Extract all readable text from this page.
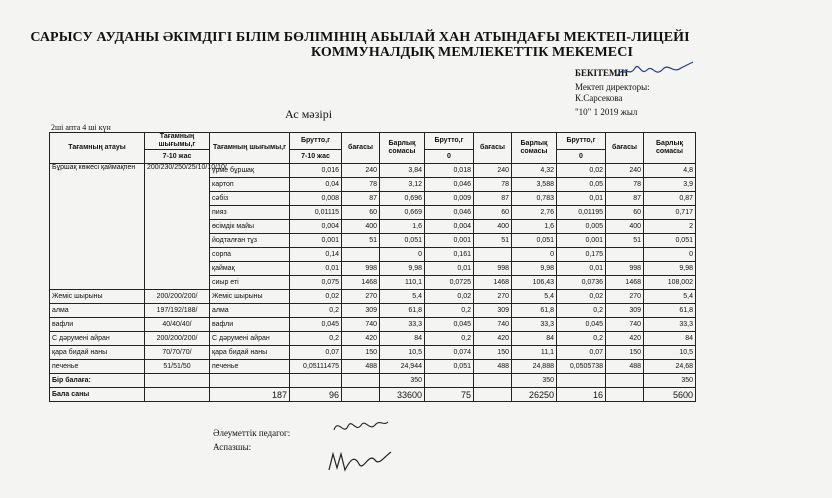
САРЫСУ АУДАНЫ ӘКІМДІГІ БІЛІМ БӨЛІМІНІҢ АБЫЛАЙ ХАН АТЫНДАҒЫ МЕКТЕП-ЛИЦЕЙІ
КОММУНАЛДЫҚ МЕМЛЕКЕТТІК МЕКЕМЕСІ
БЕКІТЕМІН
Мектеп директоры:
К.Сарсекова
"10" 1 2019 жыл
Ас мәзірі
2ші апта 4 ші күн
Тағамның атауы	Тағамның шығымы,г	Тағамның шығымы,г	Брутто,г	бағасы	Барлық сомасы	Брутто,г	бағасы	Барлық сомасы	Брутто,г	бағасы	Барлық сомасы
	7-10 жас		7-10 жас			0			0		
Бұршақ көжесі қаймақпен	200/230/250/25/10/10/10/	үрме бұршақ	0,016	240	3,84	0,018	240	4,32	0,02	240	4,8
		картоп	0,04	78	3,12	0,046	78	3,588	0,05	78	3,9
		сәбіз	0,008	87	0,696	0,009	87	0,783	0,01	87	0,87
		пияз	0,01115	60	0,669	0,046	60	2,76	0,01195	60	0,717
		өсімдік майы	0,004	400	1,6	0,004	400	1,6	0,005	400	2
		йодталған тұз	0,001	51	0,051	0,001	51	0,051	0,001	51	0,051
		сорпа	0,14		0	0,161		0	0,175		0
		қаймақ	0,01	998	9,98	0,01	998	9,98	0,01	998	9,98
		сиыр еті	0,075	1468	110,1	0,0725	1468	106,43	0,0736	1468	108,002
Жеміс шырыны	200/200/200/	Жеміс шырыны	0,02	270	5,4	0,02	270	5,4	0,02	270	5,4
алма	197/192/188/	алма	0,2	309	61,8	0,2	309	61,8	0,2	309	61,8
вафли	40/40/40/	вафли	0,045	740	33,3	0,045	740	33,3	0,045	740	33,3
С дәрумені айран	200/200/200/	С дәрумені айран	0,2	420	84	0,2	420	84	0,2	420	84
қара бидай наны	70/70/70/	қара бидай наны	0,07	150	10,5	0,074	150	11,1	0,07	150	10,5
печенье	51/51/50	печенье	0,05111475	488	24,944	0,051	488	24,888	0,0505738	488	24,68
Бір балаға:					350			350			350
Бала саны		187	96		33600	75		26250	16		5600
Әлеуметтік педагог:
Аспазшы:
